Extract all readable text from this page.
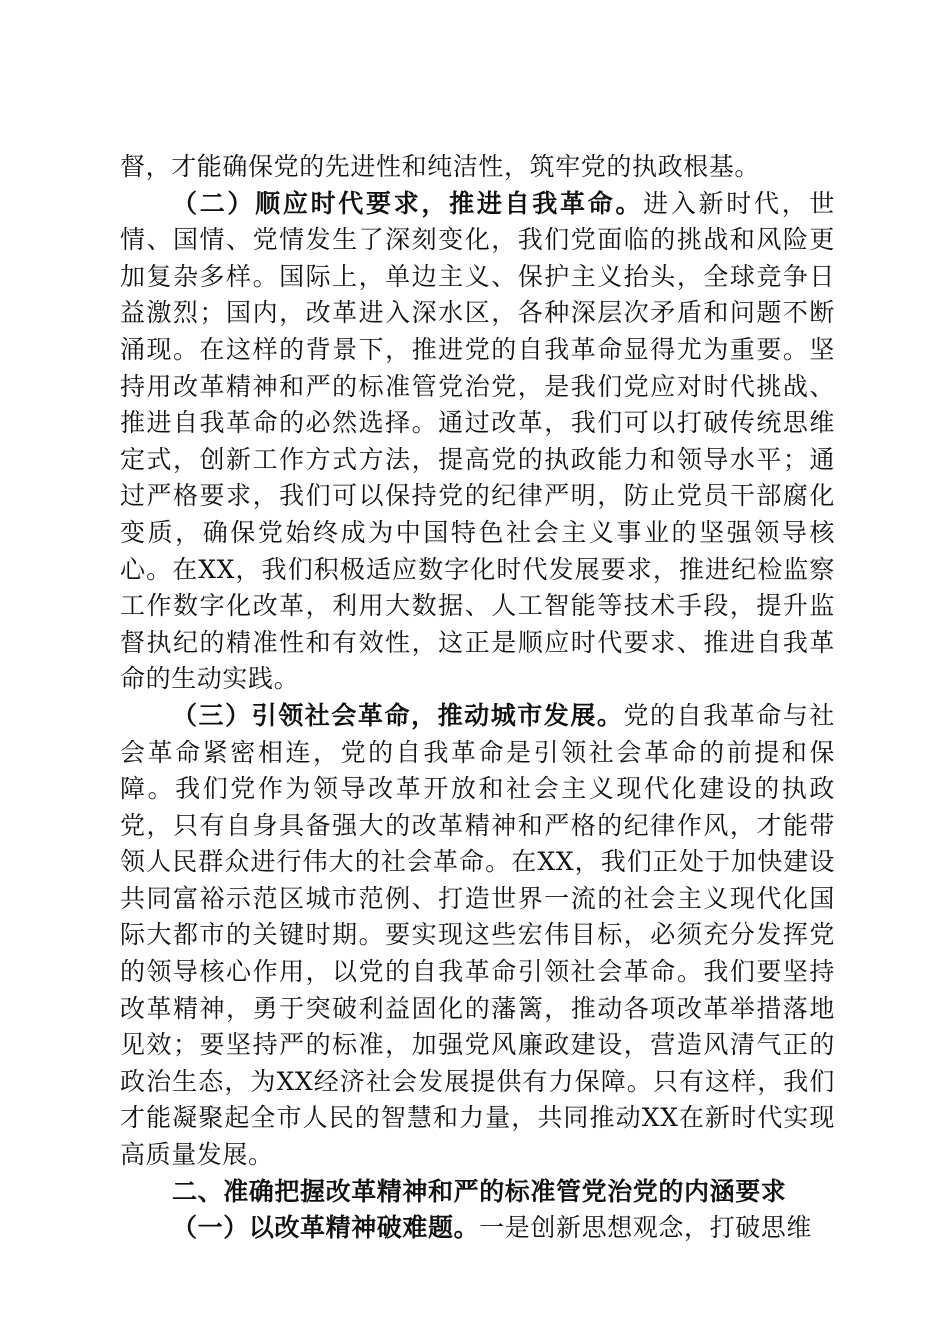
督，才能确保党的先进性和纯洁性，筑牢党的执政根基。

（二）顺应时代要求，推进自我革命。进入新时代，世情、国情、党情发生了深刻变化，我们党面临的挑战和风险更加复杂多样。国际上，单边主义、保护主义抬头，全球竞争日益激烈；国内，改革进入深水区，各种深层次矛盾和问题不断涌现。在这样的背景下，推进党的自我革命显得尤为重要。坚持用改革精神和严的标准管党治党，是我们党应对时代挑战、推进自我革命的必然选择。通过改革，我们可以打破传统思维定式，创新工作方式方法，提高党的执政能力和领导水平；通过严格要求，我们可以保持党的纪律严明，防止党员干部腐化变质，确保党始终成为中国特色社会主义事业的坚强领导核心。在XX，我们积极适应数字化时代发展要求，推进纪检监察工作数字化改革，利用大数据、人工智能等技术手段，提升监督执纪的精准性和有效性，这正是顺应时代要求、推进自我革命的生动实践。

（三）引领社会革命，推动城市发展。党的自我革命与社会革命紧密相连，党的自我革命是引领社会革命的前提和保障。我们党作为领导改革开放和社会主义现代化建设的执政党，只有自身具备强大的改革精神和严格的纪律作风，才能带领人民群众进行伟大的社会革命。在XX，我们正处于加快建设共同富裕示范区城市范例、打造世界一流的社会主义现代化国际大都市的关键时期。要实现这些宏伟目标，必须充分发挥党的领导核心作用，以党的自我革命引领社会革命。我们要坚持改革精神，勇于突破利益固化的藩篱，推动各项改革举措落地见效；要坚持严的标准，加强党风廉政建设，营造风清气正的政治生态，为XX经济社会发展提供有力保障。只有这样，我们才能凝聚起全市人民的智慧和力量，共同推动XX在新时代实现高质量发展。

二、准确把握改革精神和严的标准管党治党的内涵要求

（一）以改革精神破难题。一是创新思想观念，打破思维
